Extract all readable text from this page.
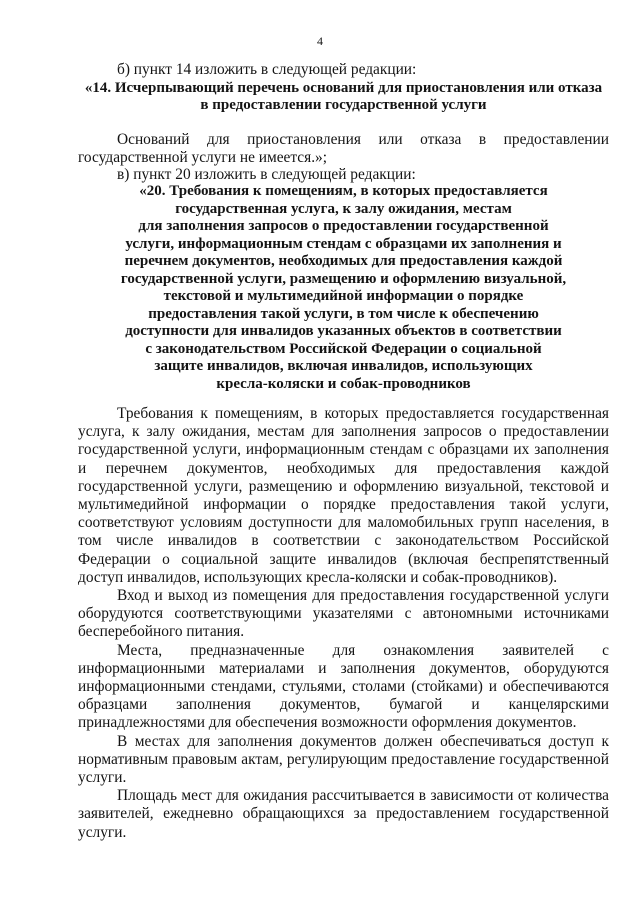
4
б) пункт 14 изложить в следующей редакции:
«14. Исчерпывающий перечень оснований для приостановления или отказа
в предоставлении государственной услуги
Оснований для приостановления или отказа в предоставлении государственной услуги не имеется.»;
в) пункт 20 изложить в следующей редакции:
«20. Требования к помещениям, в которых предоставляется
государственная услуга, к залу ожидания, местам
для заполнения запросов о предоставлении государственной
услуги, информационным стендам с образцами их заполнения и
перечнем документов, необходимых для предоставления каждой
государственной услуги, размещению и оформлению визуальной,
текстовой и мультимедийной информации о порядке
предоставления такой услуги, в том числе к обеспечению
доступности для инвалидов указанных объектов в соответствии
с законодательством Российской Федерации о социальной
защите инвалидов, включая инвалидов, использующих
кресла-коляски и собак-проводников

Требования к помещениям, в которых предоставляется государственная услуга, к залу ожидания, местам для заполнения запросов о предоставлении государственной услуги, информационным стендам с образцами их заполнения и перечнем документов, необходимых для предоставления каждой государственной услуги, размещению и оформлению визуальной, текстовой и мультимедийной информации о порядке предоставления такой услуги, соответствуют условиям доступности для маломобильных групп населения, в том числе инвалидов в соответствии с законодательством Российской Федерации о социальной защите инвалидов (включая беспрепятственный доступ инвалидов, использующих кресла-коляски и собак-проводников).

Вход и выход из помещения для предоставления государственной услуги оборудуются соответствующими указателями с автономными источниками бесперебойного питания.

Места, предназначенные для ознакомления заявителей с информационными материалами и заполнения документов, оборудуются информационными стендами, стульями, столами (стойками) и обеспечиваются образцами заполнения документов, бумагой и канцелярскими принадлежностями для обеспечения возможности оформления документов.

В местах для заполнения документов должен обеспечиваться доступ к нормативным правовым актам, регулирующим предоставление государственной услуги.

Площадь мест для ожидания рассчитывается в зависимости от количества заявителей, ежедневно обращающихся за предоставлением государственной услуги.
